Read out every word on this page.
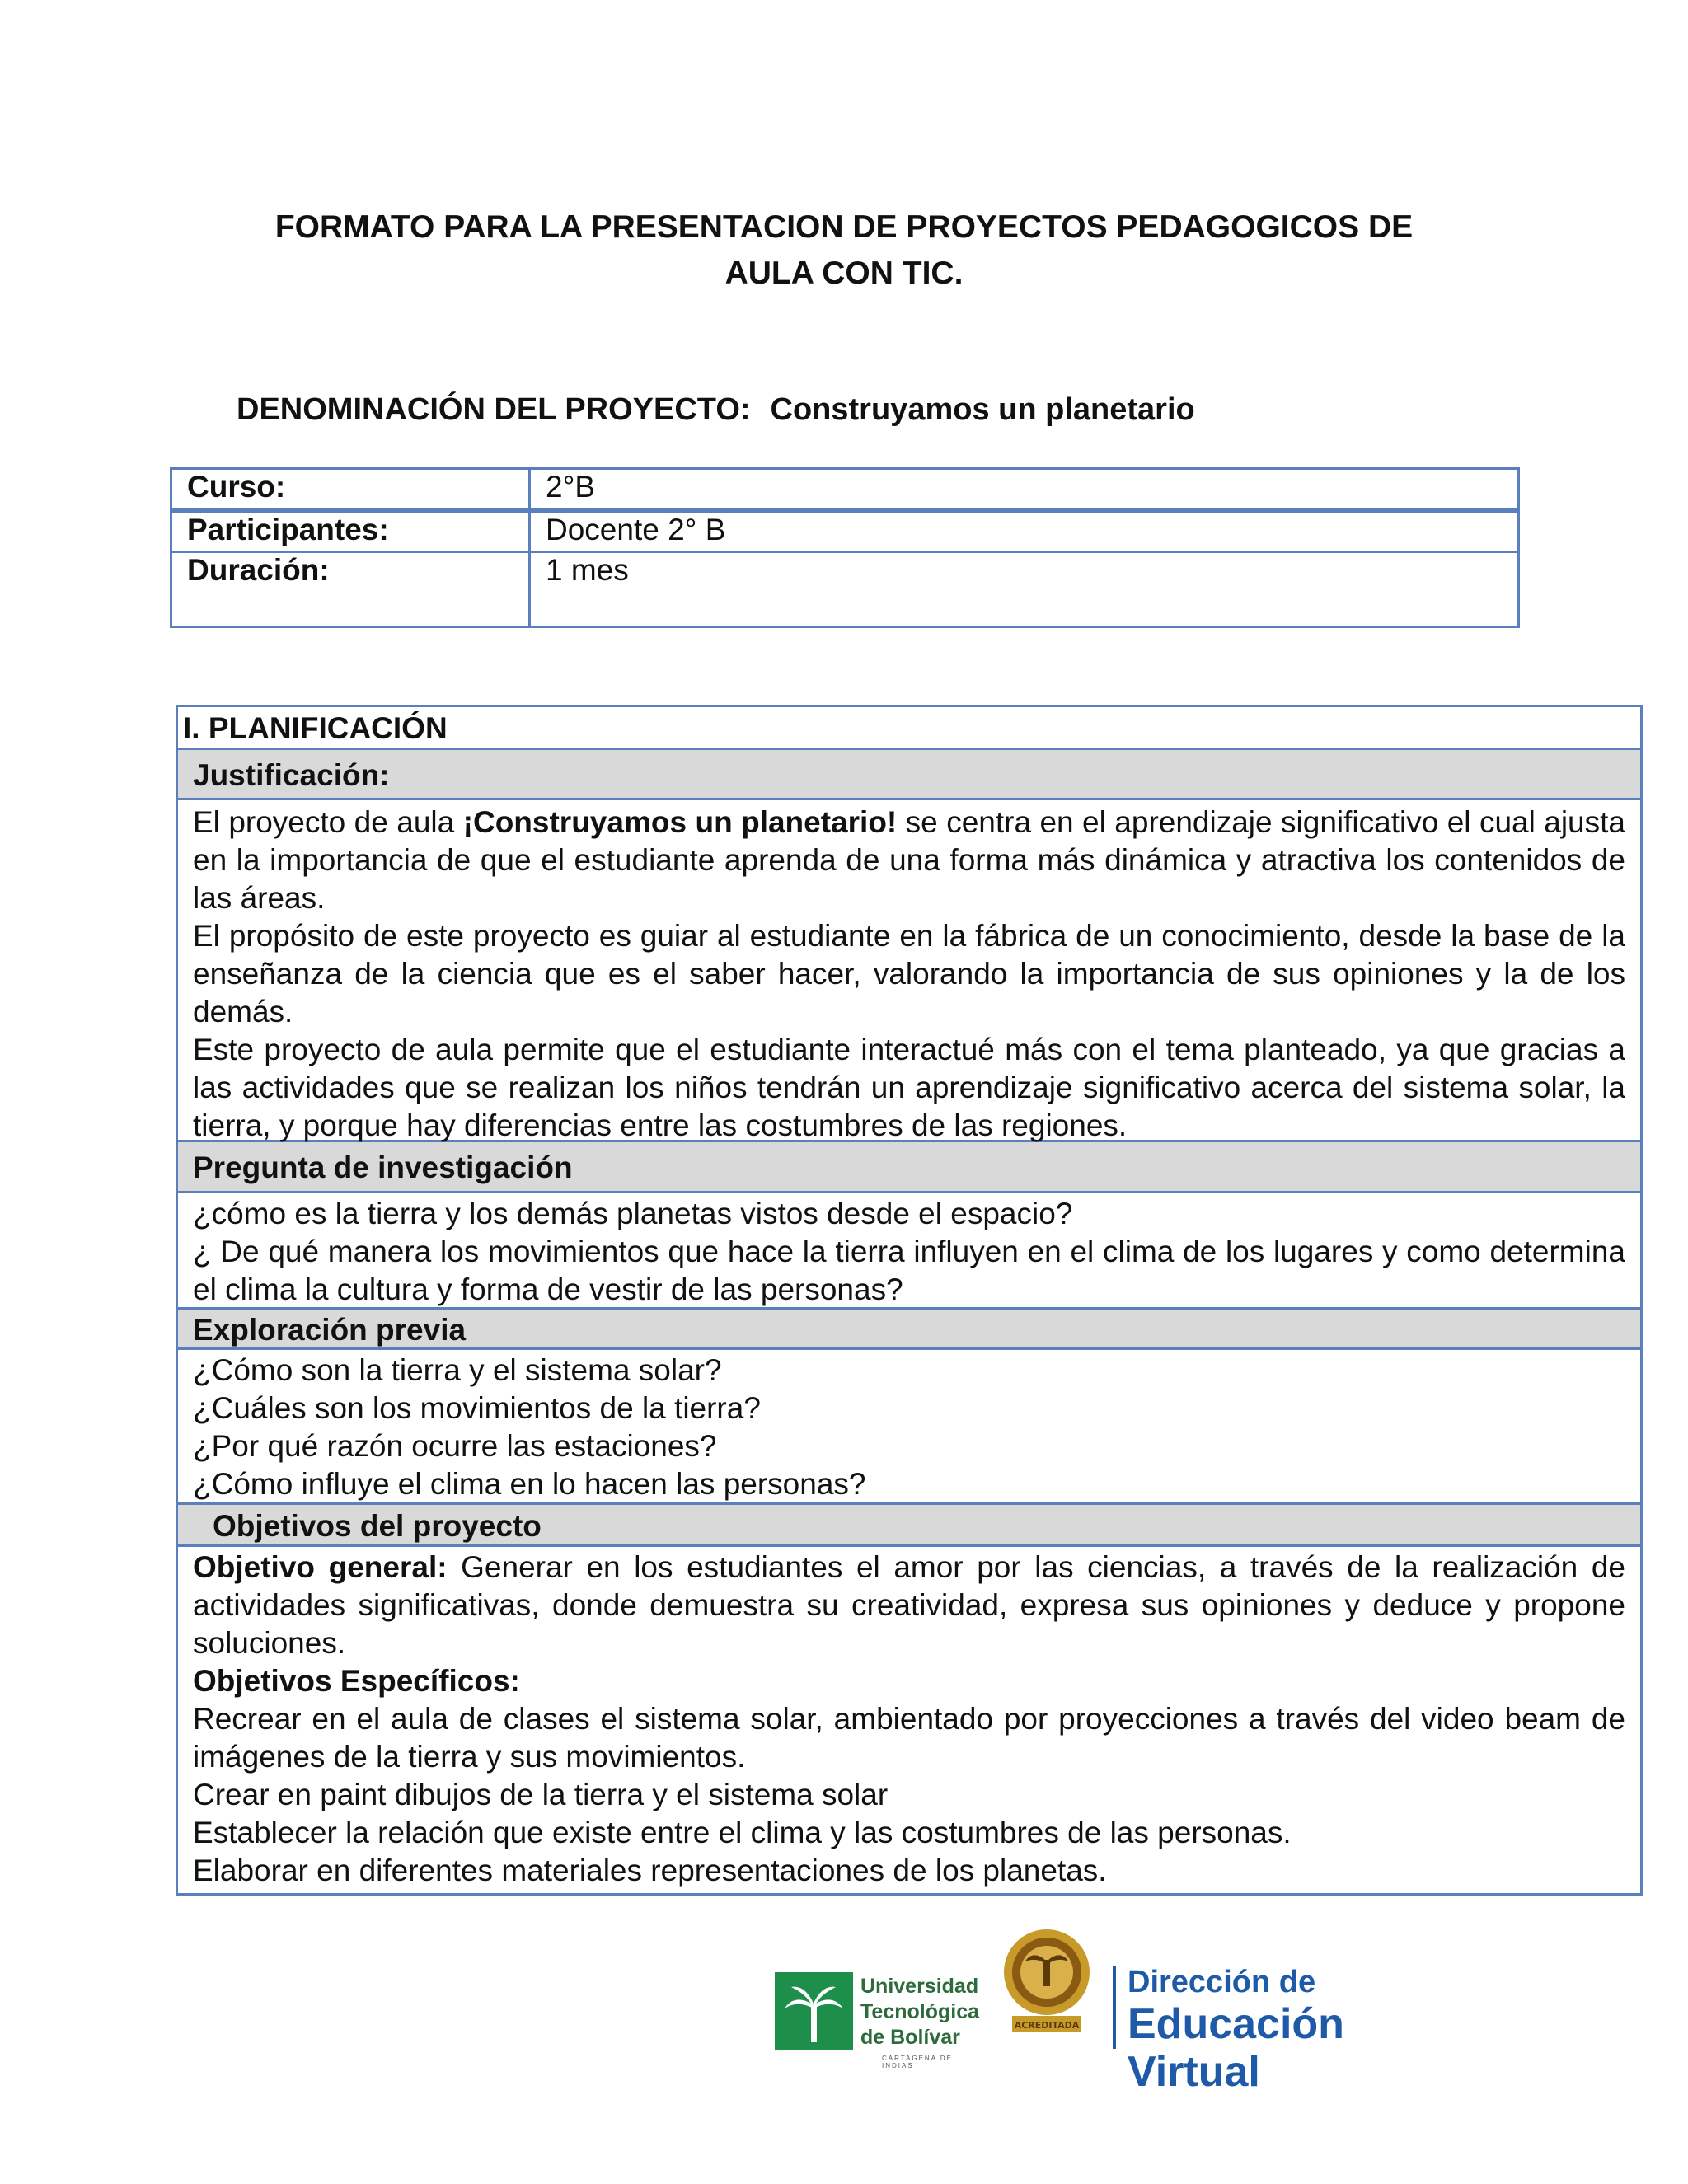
FORMATO PARA LA PRESENTACION DE PROYECTOS PEDAGOGICOS DE
AULA CON TIC.
DENOMINACIÓN DEL PROYECTO: Construyamos un planetario
Curso:	2°B
Participantes:	Docente 2° B
Duración:	1 mes
I. PLANIFICACIÓN
Justificación:

El proyecto de aula ¡Construyamos un planetario! se centra en el aprendizaje significativo el cual ajusta en la importancia de que el estudiante aprenda de una forma más dinámica y atractiva los contenidos de las áreas.

El propósito de este proyecto es guiar al estudiante en la fábrica de un conocimiento, desde la base de la enseñanza de la ciencia que es el saber hacer, valorando la importancia de sus opiniones y la de los demás.

Este proyecto de aula permite que el estudiante interactué más con el tema planteado, ya que gracias a las actividades que se realizan los niños tendrán un aprendizaje significativo acerca del sistema solar, la tierra, y porque hay diferencias entre las costumbres de las regiones.

Pregunta de investigación

¿cómo es la tierra y los demás planetas vistos desde el espacio?

¿ De qué manera los movimientos que hace la tierra influyen en el clima de los lugares y como determina el clima la cultura y forma de vestir de las personas?

Exploración previa

¿Cómo son la tierra y el sistema solar?

¿Cuáles son los movimientos de la tierra?

¿Por qué razón ocurre las estaciones?

¿Cómo influye el clima en lo hacen las personas?

Objetivos del proyecto

Objetivo general: Generar en los estudiantes el amor por las ciencias, a través de la realización de actividades significativas, donde demuestra su creatividad, expresa sus opiniones y deduce y propone soluciones.

Objetivos Específicos:

Recrear en el aula de clases el sistema solar, ambientado por proyecciones a través del video beam de imágenes de la tierra y sus movimientos.

Crear en paint dibujos de la tierra y el sistema solar

Establecer la relación que existe entre el clima y las costumbres de las personas.

Elaborar en diferentes materiales representaciones de los planetas.

Universidad
Tecnológica
de Bolívar
CARTAGENA DE INDIAS
ACREDITADA
Dirección de
Educación Virtual
